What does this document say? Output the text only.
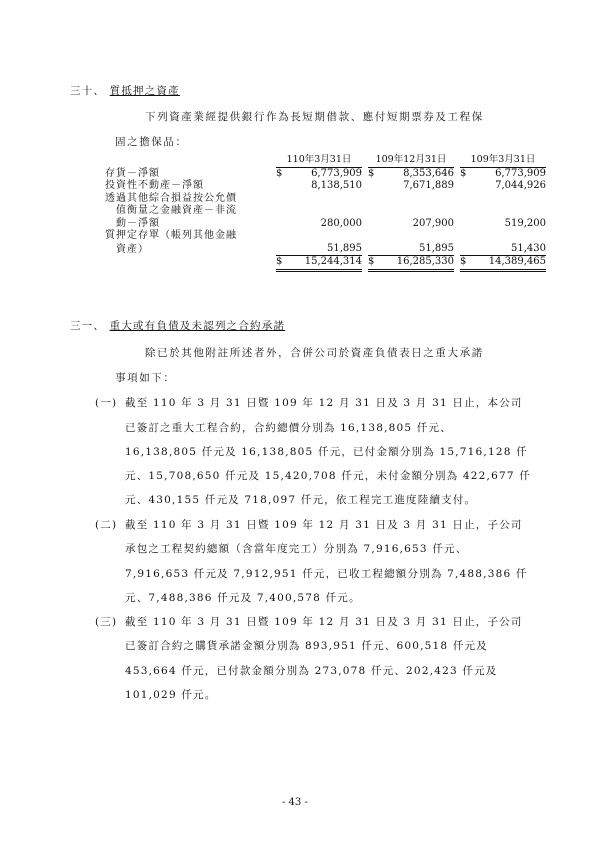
三十、 質抵押之資產
下列資產業經提供銀行作為長短期借款、應付短期票券及工程保
固之擔保品：

	110年3月31日	109年12月31日	109年3月31日

存貨－淨額	$ 6,773,909	$ 8,353,646	$ 6,773,909

投資性不動產－淨額	8,138,510	7,671,889	7,044,926

透過其他綜合損益按公允價			
　值衡量之金融資產－非流			
　動－淨額	280,000	207,900	519,200

質押定存單（帳列其他金融			
　資產）	51,895	51,895	51,430

	$ 15,244,314	$ 16,285,330	$ 14,389,465
三一、 重大或有負債及未認列之合約承諾
除已於其他附註所述者外，合併公司於資產負債表日之重大承諾
事項如下：
(一) 截至 110 年 3 月 31 日暨 109 年 12 月 31 日及 3 月 31 日止，本公司
已簽訂之重大工程合約，合約總價分別為 16,138,805 仟元、
16,138,805 仟元及 16,138,805 仟元，已付金額分別為 15,716,128 仟
元、15,708,650 仟元及 15,420,708 仟元，未付金額分別為 422,677 仟
元、430,155 仟元及 718,097 仟元，依工程完工進度陸續支付。
(二) 截至 110 年 3 月 31 日暨 109 年 12 月 31 日及 3 月 31 日止，子公司
承包之工程契約總額（含當年度完工）分別為 7,916,653 仟元、
7,916,653 仟元及 7,912,951 仟元，已收工程總額分別為 7,488,386 仟
元、7,488,386 仟元及 7,400,578 仟元。
(三) 截至 110 年 3 月 31 日暨 109 年 12 月 31 日及 3 月 31 日止，子公司
已簽訂合約之購貨承諾金額分別為 893,951 仟元、600,518 仟元及
453,664 仟元，已付款金額分別為 273,078 仟元、202,423 仟元及
101,029 仟元。
- 43 -
